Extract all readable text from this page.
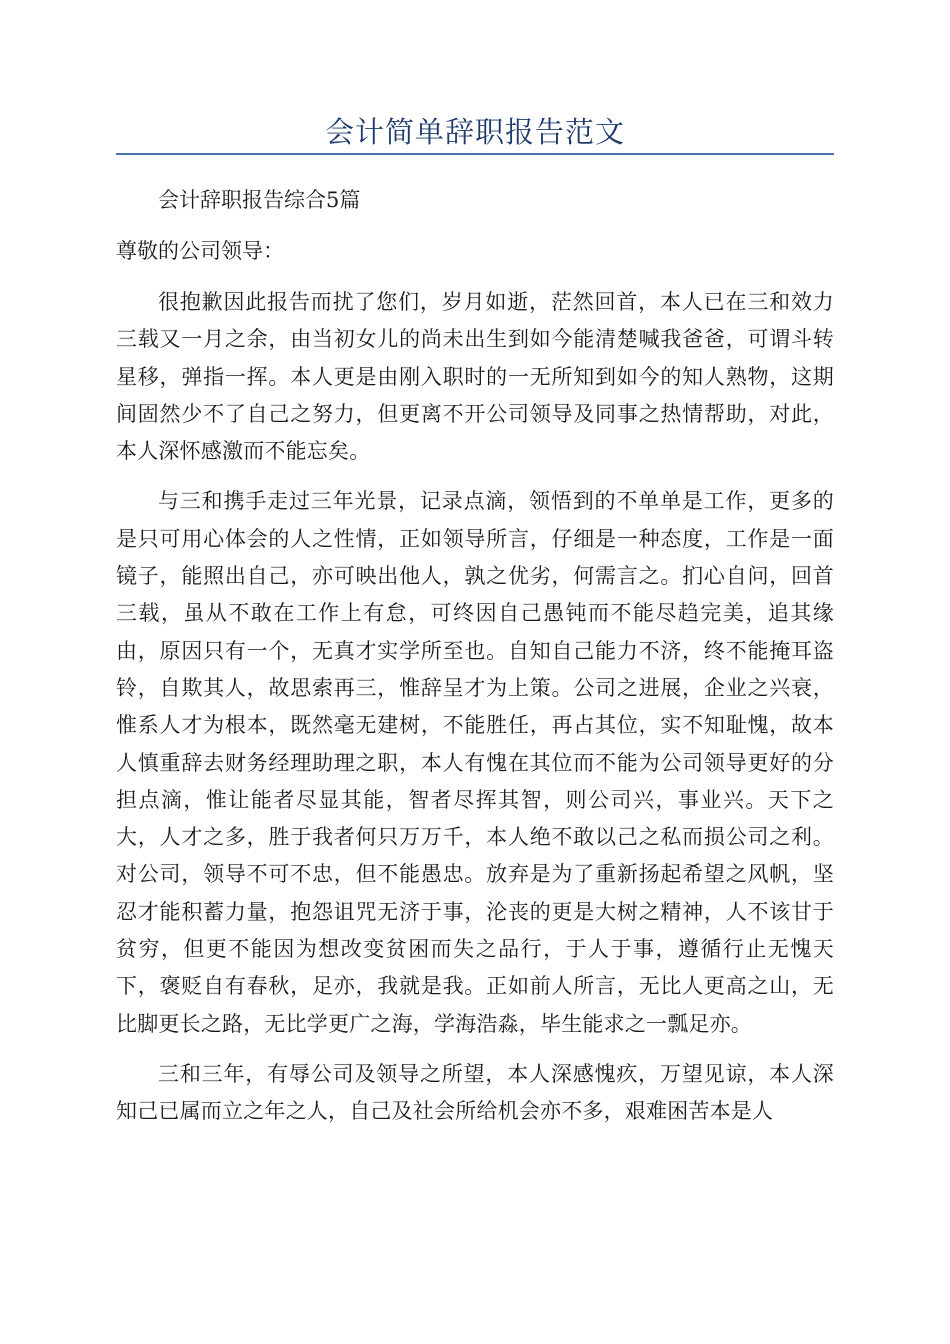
会计简单辞职报告范文

会计辞职报告综合5篇

尊敬的公司领导：

很抱歉因此报告而扰了您们，岁月如逝，茫然回首，本人已在三和效力三载又一月之余，由当初女儿的尚未出生到如今能清楚喊我爸爸，可谓斗转星移，弹指一挥。本人更是由刚入职时的一无所知到如今的知人熟物，这期间固然少不了自己之努力，但更离不开公司领导及同事之热情帮助，对此，本人深怀感激而不能忘矣。

与三和携手走过三年光景，记录点滴，领悟到的不单单是工作，更多的是只可用心体会的人之性情，正如领导所言，仔细是一种态度，工作是一面镜子，能照出自己，亦可映出他人，孰之优劣，何需言之。扪心自问，回首三载，虽从不敢在工作上有怠，可终因自己愚钝而不能尽趋完美，追其缘由，原因只有一个，无真才实学所至也。自知自己能力不济，终不能掩耳盗铃，自欺其人，故思索再三，惟辞呈才为上策。公司之进展，企业之兴衰，惟系人才为根本，既然毫无建树，不能胜任，再占其位，实不知耻愧，故本人慎重辞去财务经理助理之职，本人有愧在其位而不能为公司领导更好的分担点滴，惟让能者尽显其能，智者尽挥其智，则公司兴，事业兴。天下之大，人才之多，胜于我者何只万万千，本人绝不敢以己之私而损公司之利。对公司，领导不可不忠，但不能愚忠。放弃是为了重新扬起希望之风帆，坚忍才能积蓄力量，抱怨诅咒无济于事，沦丧的更是大树之精神，人不该甘于贫穷，但更不能因为想改变贫困而失之品行，于人于事，遵循行止无愧天下，褒贬自有春秋，足亦，我就是我。正如前人所言，无比人更高之山，无比脚更长之路，无比学更广之海，学海浩淼，毕生能求之一瓢足亦。

三和三年，有辱公司及领导之所望，本人深感愧疚，万望见谅，本人深知己已属而立之年之人，自己及社会所给机会亦不多，艰难困苦本是人
